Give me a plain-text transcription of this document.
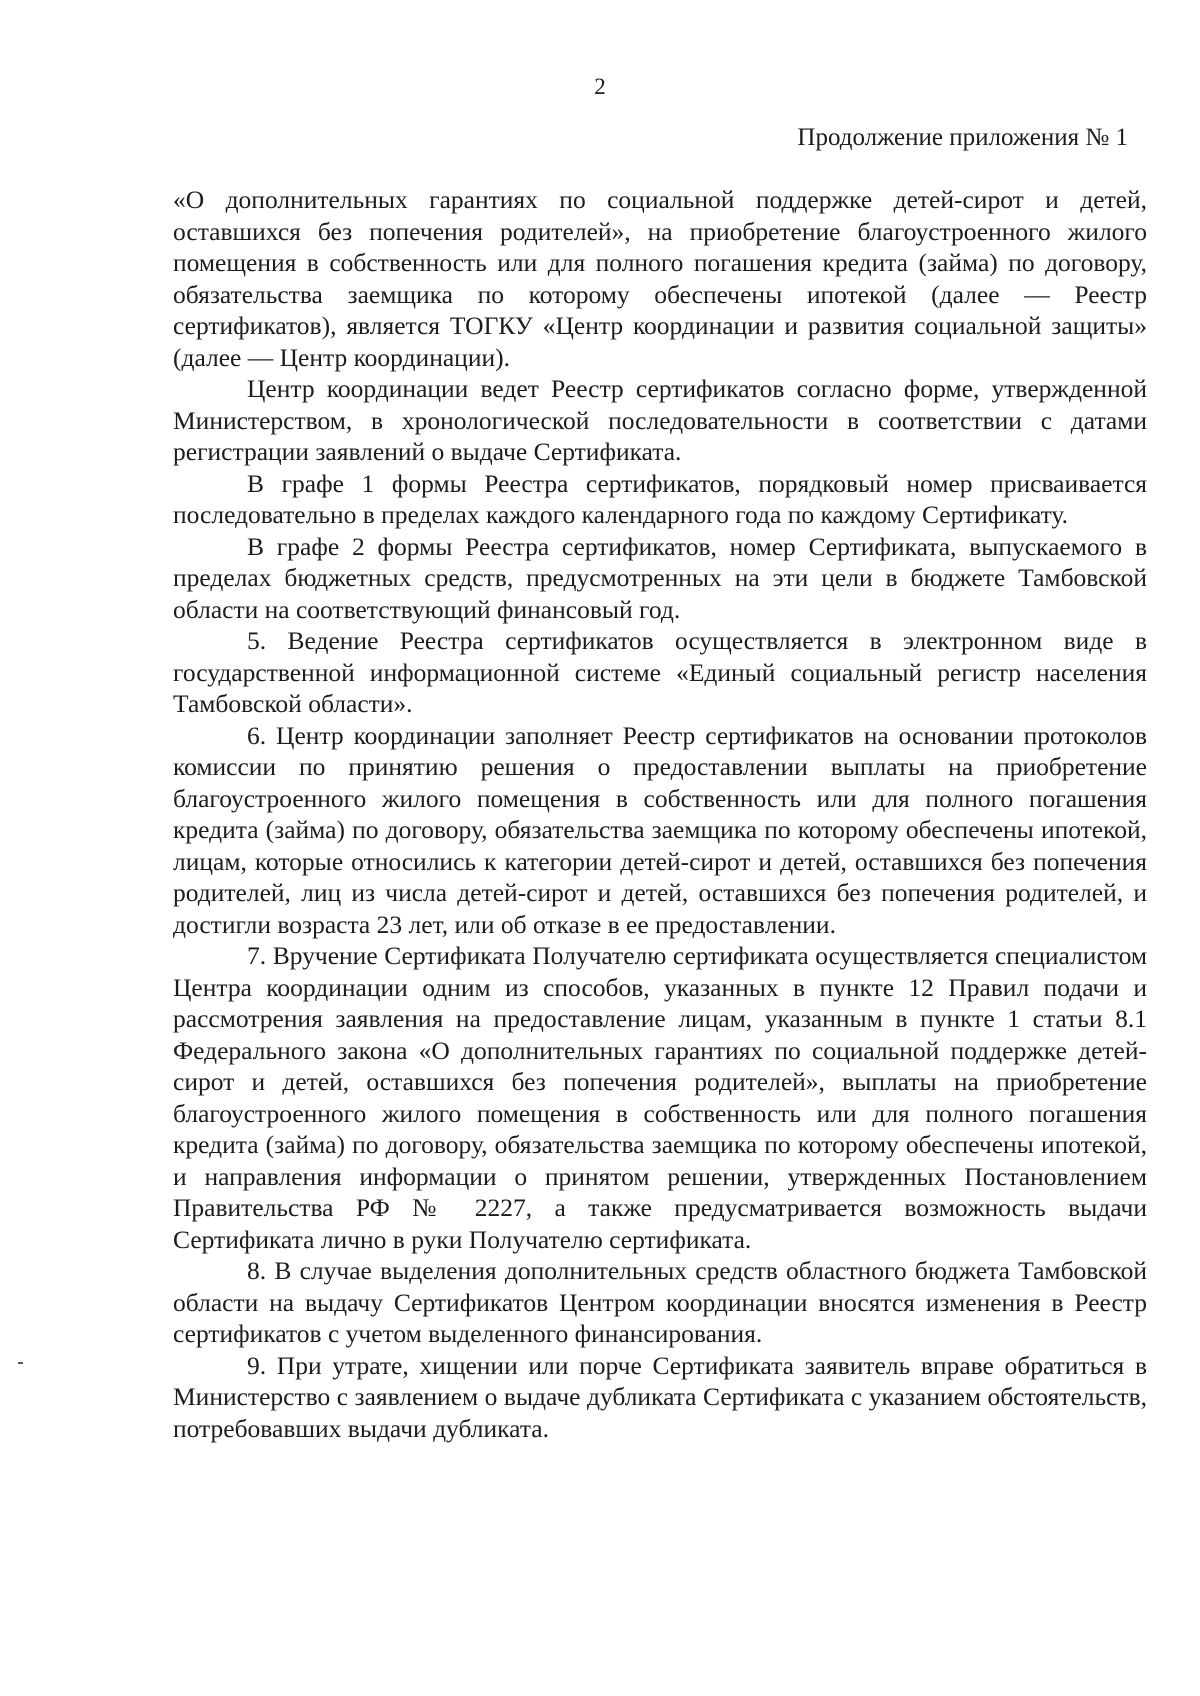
2
Продолжение приложения № 1

«О дополнительных гарантиях по социальной поддержке детей-сирот и детей, оставшихся без попечения родителей», на приобретение благоустроенного жилого помещения в собственность или для полного погашения кредита (займа) по договору, обязательства заемщика по которому обеспечены ипотекой (далее — Реестр сертификатов), является ТОГКУ «Центр координации и развития социальной защиты» (далее — Центр координации).

Центр координации ведет Реестр сертификатов согласно форме, утвержденной Министерством, в хронологической последовательности в соответствии с датами регистрации заявлений о выдаче Сертификата.

В графе 1 формы Реестра сертификатов, порядковый номер присваивается последовательно в пределах каждого календарного года по каждому Сертификату.

В графе 2 формы Реестра сертификатов, номер Сертификата, выпускаемого в пределах бюджетных средств, предусмотренных на эти цели в бюджете Тамбовской области на соответствующий финансовый год.

5. Ведение Реестра сертификатов осуществляется в электронном виде в государственной информационной системе «Единый социальный регистр населения Тамбовской области».

6. Центр координации заполняет Реестр сертификатов на основании протоколов комиссии по принятию решения о предоставлении выплаты на приобретение благоустроенного жилого помещения в собственность или для полного погашения кредита (займа) по договору, обязательства заемщика по которому обеспечены ипотекой, лицам, которые относились к категории детей-сирот и детей, оставшихся без попечения родителей, лиц из числа детей-сирот и детей, оставшихся без попечения родителей, и достигли возраста 23 лет, или об отказе в ее предоставлении.

7. Вручение Сертификата Получателю сертификата осуществляется специалистом Центра координации одним из способов, указанных в пункте 12 Правил подачи и рассмотрения заявления на предоставление лицам, указанным в пункте 1 статьи 8.1 Федерального закона «О дополнительных гарантиях по социальной поддержке детей-сирот и детей, оставшихся без попечения родителей», выплаты на приобретение благоустроенного жилого помещения в собственность или для полного погашения кредита (займа) по договору, обязательства заемщика по которому обеспечены ипотекой, и направления информации о принятом решении, утвержденных Постановлением Правительства РФ № 2227, а также предусматривается возможность выдачи Сертификата лично в руки Получателю сертификата.

8. В случае выделения дополнительных средств областного бюджета Тамбовской области на выдачу Сертификатов Центром координации вносятся изменения в Реестр сертификатов с учетом выделенного финансирования.

9. При утрате, хищении или порче Сертификата заявитель вправе обратиться в Министерство с заявлением о выдаче дубликата Сертификата с указанием обстоятельств, потребовавших выдачи дубликата.
